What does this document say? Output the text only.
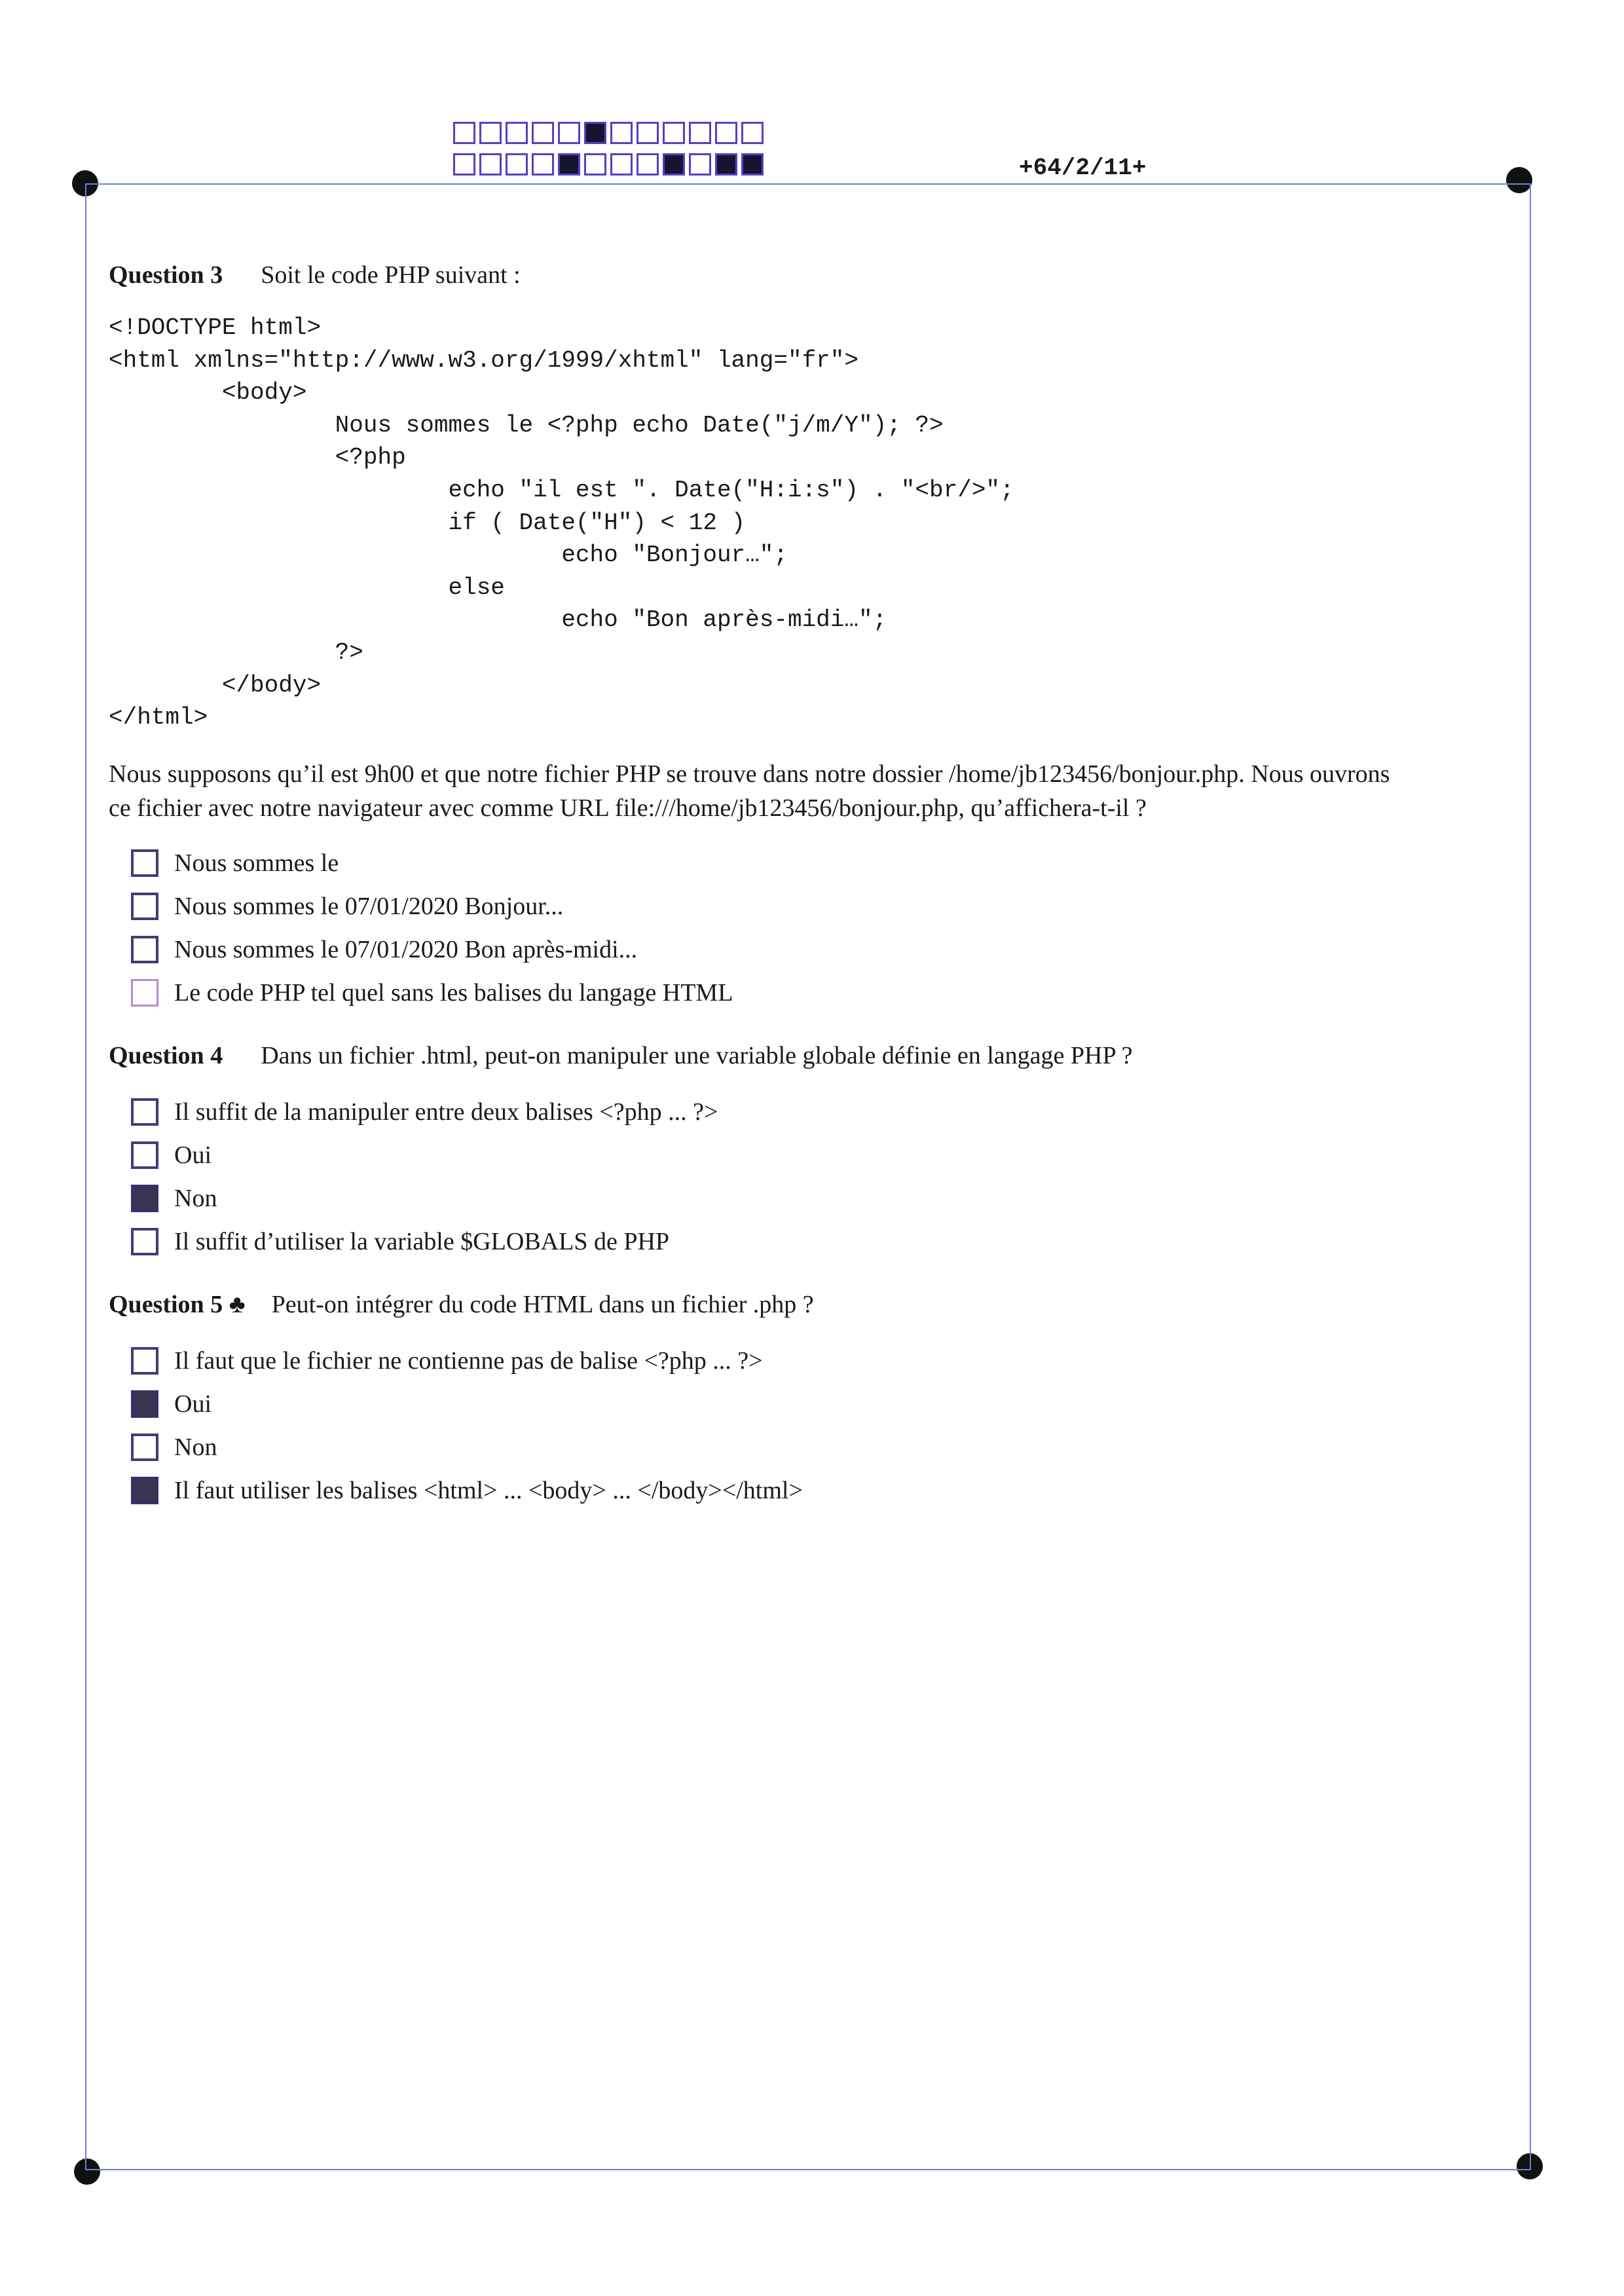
+64/2/11+
Question 3 Soit le code PHP suivant :
<!DOCTYPE html>
<html xmlns="http://www.w3.org/1999/xhtml" lang="fr">
<body>
Nous sommes le <?php echo Date("j/m/Y"); ?>
<?php
echo "il est ". Date("H:i:s") . "<br/>";
if ( Date("H") < 12 )
echo "Bonjour…";
else
echo "Bon après-midi…";
?>
</body>
</html>
Nous supposons qu’il est 9h00 et que notre fichier PHP se trouve dans notre dossier /home/jb123456/bonjour.php. Nous ouvrons
ce fichier avec notre navigateur avec comme URL file:///home/jb123456/bonjour.php, qu’affichera-t-il ?
Nous sommes le
Nous sommes le 07/01/2020 Bonjour...
Nous sommes le 07/01/2020 Bon après-midi...
Le code PHP tel quel sans les balises du langage HTML
Question 4 Dans un fichier .html, peut-on manipuler une variable globale définie en langage PHP ?
Il suffit de la manipuler entre deux balises <?php ... ?>
Oui
Non
Il suffit d’utiliser la variable $GLOBALS de PHP
Question 5 ♣ Peut-on intégrer du code HTML dans un fichier .php ?
Il faut que le fichier ne contienne pas de balise <?php ... ?>
Oui
Non
Il faut utiliser les balises <html> ... <body> ... </body></html>
